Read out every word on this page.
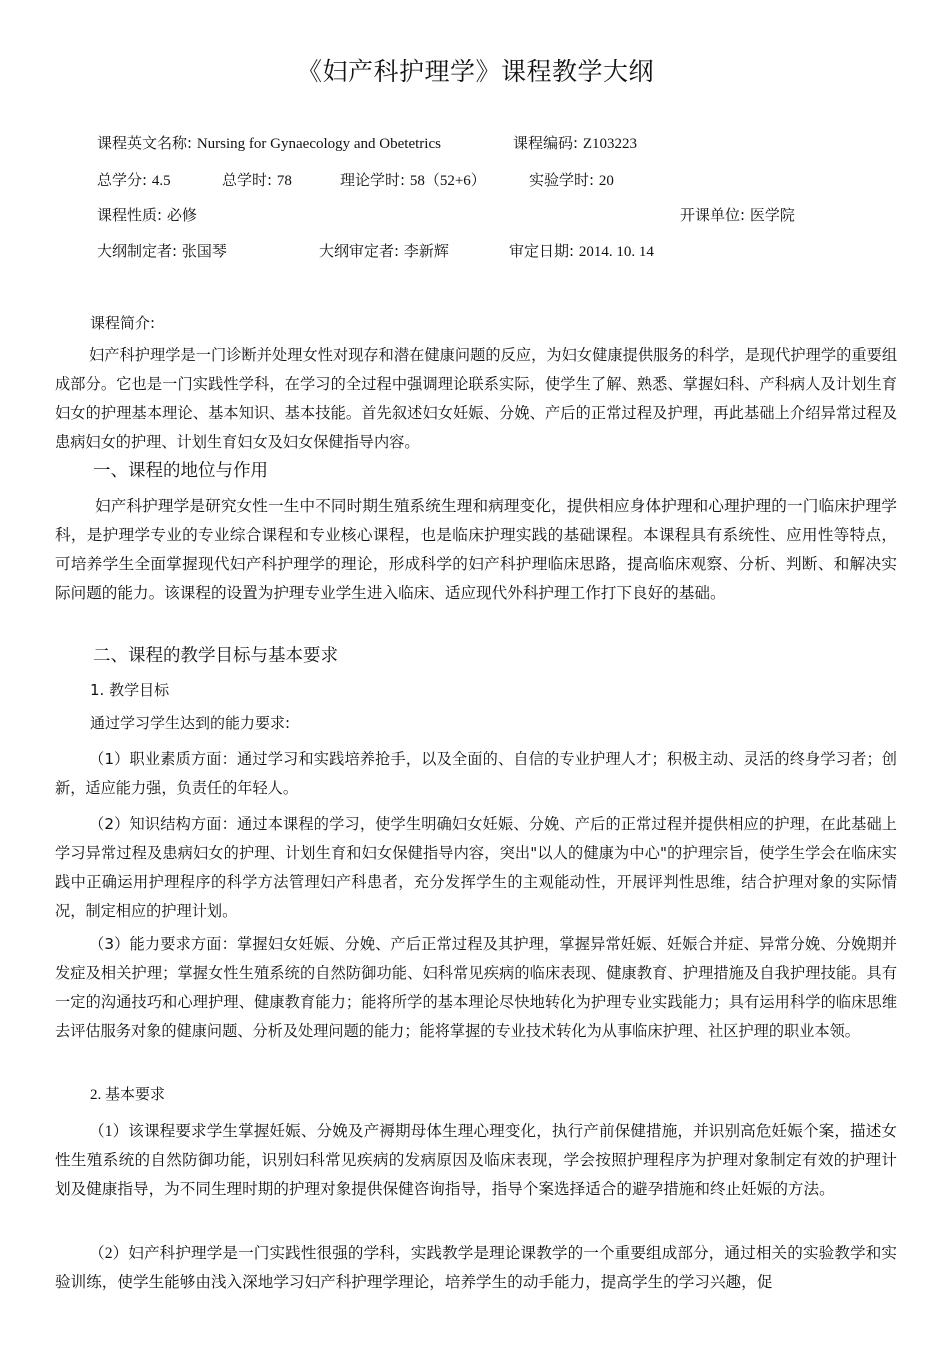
《妇产科护理学》课程教学大纲
课程英文名称: Nursing for Gynaecology and Obetetrics	课程编码: Z103223
总学分: 4.5	总学时: 78	理论学时: 58（52+6）	实验学时: 20
课程性质: 必修	开课单位: 医学院
大纲制定者: 张国琴	大纲审定者: 李新辉	审定日期: 2014. 10. 14
课程简介:
妇产科护理学是一门诊断并处理女性对现存和潜在健康问题的反应，为妇女健康提供服务的科学，是现代护理学的重要组成部分。它也是一门实践性学科，在学习的全过程中强调理论联系实际，使学生了解、熟悉、掌握妇科、产科病人及计划生育妇女的护理基本理论、基本知识、基本技能。首先叙述妇女妊娠、分娩、产后的正常过程及护理，再此基础上介绍异常过程及患病妇女的护理、计划生育妇女及妇女保健指导内容。
一、课程的地位与作用
妇产科护理学是研究女性一生中不同时期生殖系统生理和病理变化，提供相应身体护理和心理护理的一门临床护理学科，是护理学专业的专业综合课程和专业核心课程，也是临床护理实践的基础课程。本课程具有系统性、应用性等特点，可培养学生全面掌握现代妇产科护理学的理论，形成科学的妇产科护理临床思路，提高临床观察、分析、判断、和解决实际问题的能力。该课程的设置为护理专业学生进入临床、适应现代外科护理工作打下良好的基础。
二、课程的教学目标与基本要求
1. 教学目标
通过学习学生达到的能力要求:
（1）职业素质方面：通过学习和实践培养抢手，以及全面的、自信的专业护理人才；积极主动、灵活的终身学习者；创新，适应能力强，负责任的年轻人。
（2）知识结构方面：通过本课程的学习，使学生明确妇女妊娠、分娩、产后的正常过程并提供相应的护理，在此基础上学习异常过程及患病妇女的护理、计划生育和妇女保健指导内容，突出"以人的健康为中心"的护理宗旨，使学生学会在临床实践中正确运用护理程序的科学方法管理妇产科患者，充分发挥学生的主观能动性，开展评判性思维，结合护理对象的实际情况，制定相应的护理计划。
（3）能力要求方面：掌握妇女妊娠、分娩、产后正常过程及其护理，掌握异常妊娠、妊娠合并症、异常分娩、分娩期并发症及相关护理；掌握女性生殖系统的自然防御功能、妇科常见疾病的临床表现、健康教育、护理措施及自我护理技能。具有一定的沟通技巧和心理护理、健康教育能力；能将所学的基本理论尽快地转化为护理专业实践能力；具有运用科学的临床思维去评估服务对象的健康问题、分析及处理问题的能力；能将掌握的专业技术转化为从事临床护理、社区护理的职业本领。
2. 基本要求
（1）该课程要求学生掌握妊娠、分娩及产褥期母体生理心理变化，执行产前保健措施，并识别高危妊娠个案，描述女性生殖系统的自然防御功能，识别妇科常见疾病的发病原因及临床表现，学会按照护理程序为护理对象制定有效的护理计划及健康指导，为不同生理时期的护理对象提供保健咨询指导，指导个案选择适合的避孕措施和终止妊娠的方法。
（2）妇产科护理学是一门实践性很强的学科，实践教学是理论课教学的一个重要组成部分，通过相关的实验教学和实验训练，使学生能够由浅入深地学习妇产科护理学理论，培养学生的动手能力，提高学生的学习兴趣，促
